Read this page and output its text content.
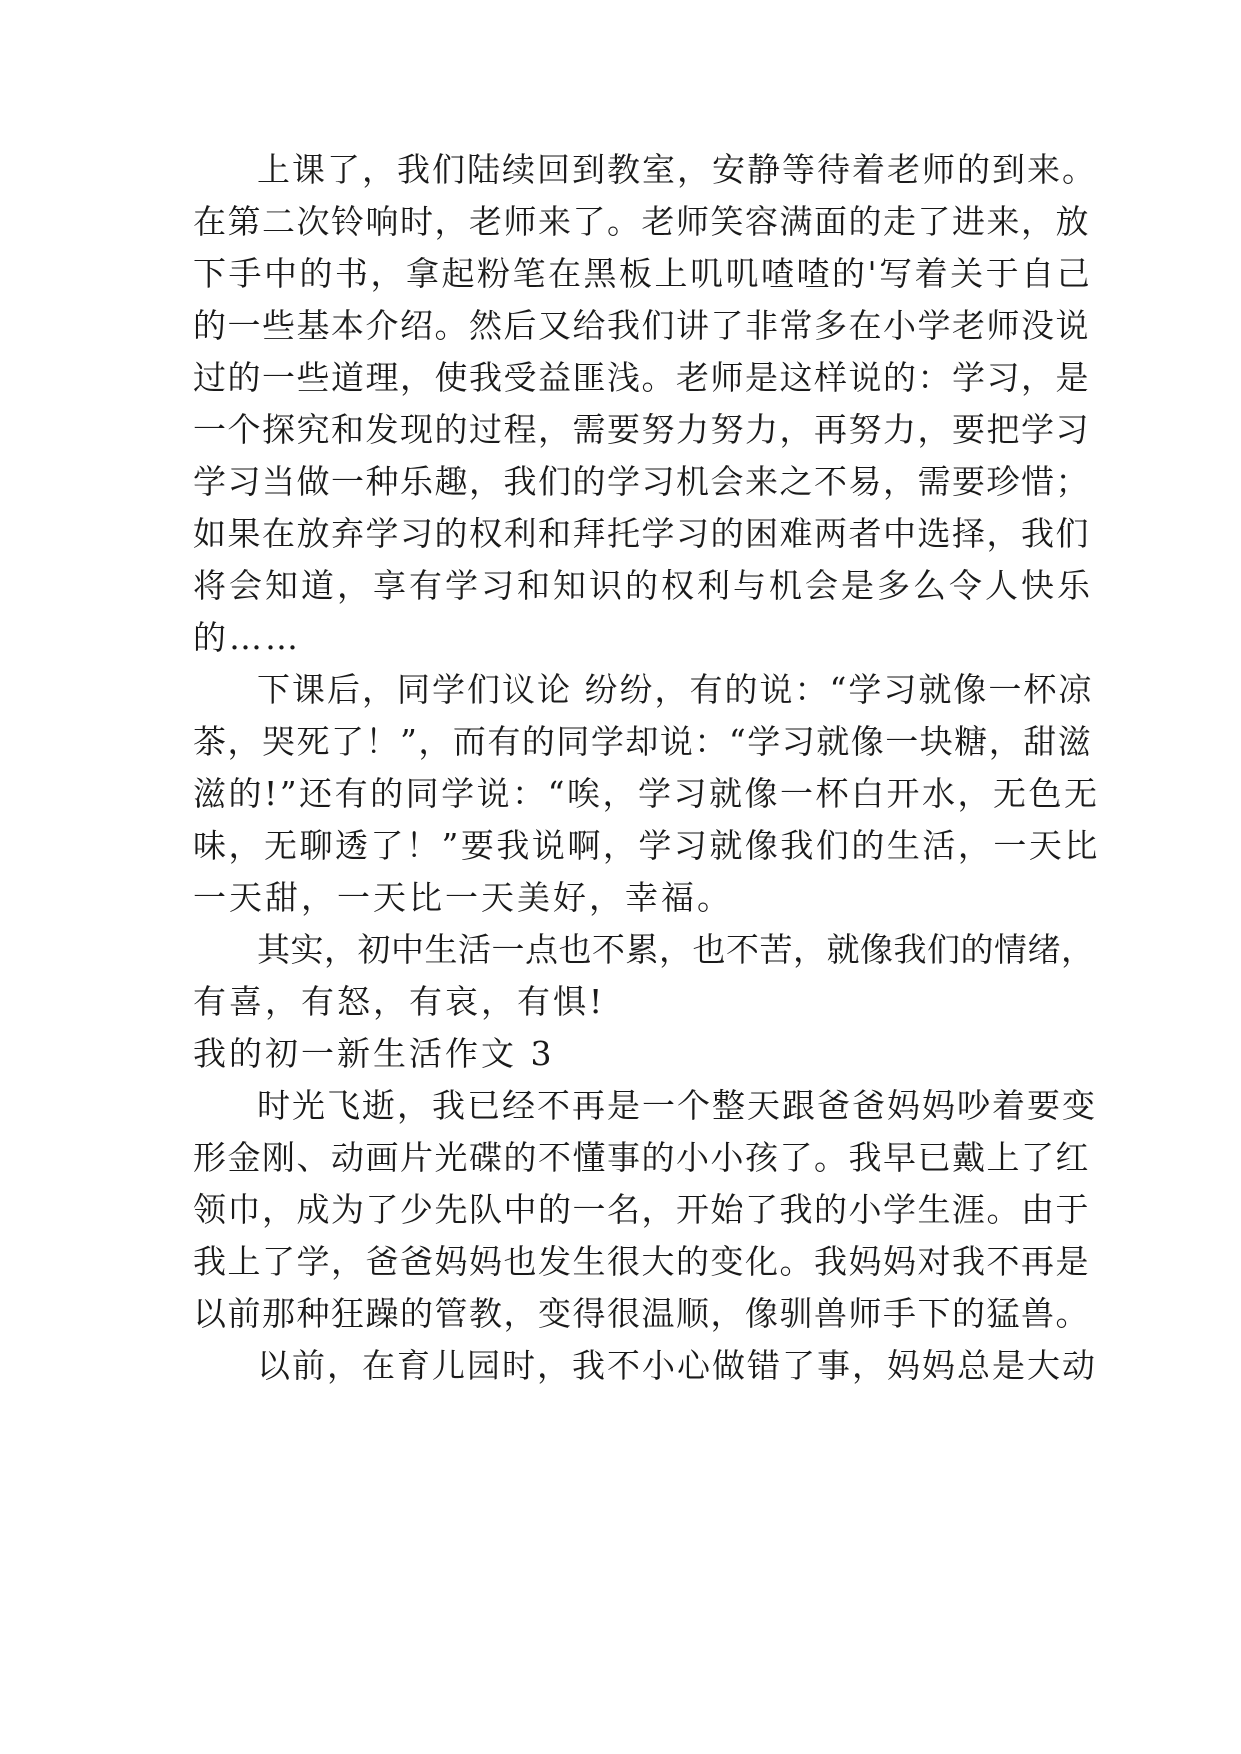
上课了，我们陆续回到教室，安静等待着老师的到来。
在第二次铃响时，老师来了。老师笑容满面的走了进来，放
下手中的书，拿起粉笔在黑板上叽叽喳喳的'写着关于自己
的一些基本介绍。然后又给我们讲了非常多在小学老师没说
过的一些道理，使我受益匪浅。老师是这样说的：学习，是
一个探究和发现的过程，需要努力努力，再努力，要把学习
学习当做一种乐趣，我们的学习机会来之不易，需要珍惜；
如果在放弃学习的权利和拜托学习的困难两者中选择，我们
将会知道，享有学习和知识的权利与机会是多么令人快乐
的……
下课后，同学们议论 纷纷，有的说：“学习就像一杯凉
茶，哭死了！”，而有的同学却说：“学习就像一块糖，甜滋
滋的!”还有的同学说：“唉，学习就像一杯白开水，无色无
味，无聊透了！”要我说啊，学习就像我们的生活，一天比
一天甜，一天比一天美好，幸福。
其实，初中生活一点也不累，也不苦，就像我们的情绪，
有喜，有怒，有哀，有惧!
我的初一新生活作文 3
时光飞逝，我已经不再是一个整天跟爸爸妈妈吵着要变
形金刚、动画片光碟的不懂事的小小孩了。我早已戴上了红
领巾，成为了少先队中的一名，开始了我的小学生涯。由于
我上了学，爸爸妈妈也发生很大的变化。我妈妈对我不再是
以前那种狂躁的管教，变得很温顺，像驯兽师手下的猛兽。
以前，在育儿园时，我不小心做错了事，妈妈总是大动
